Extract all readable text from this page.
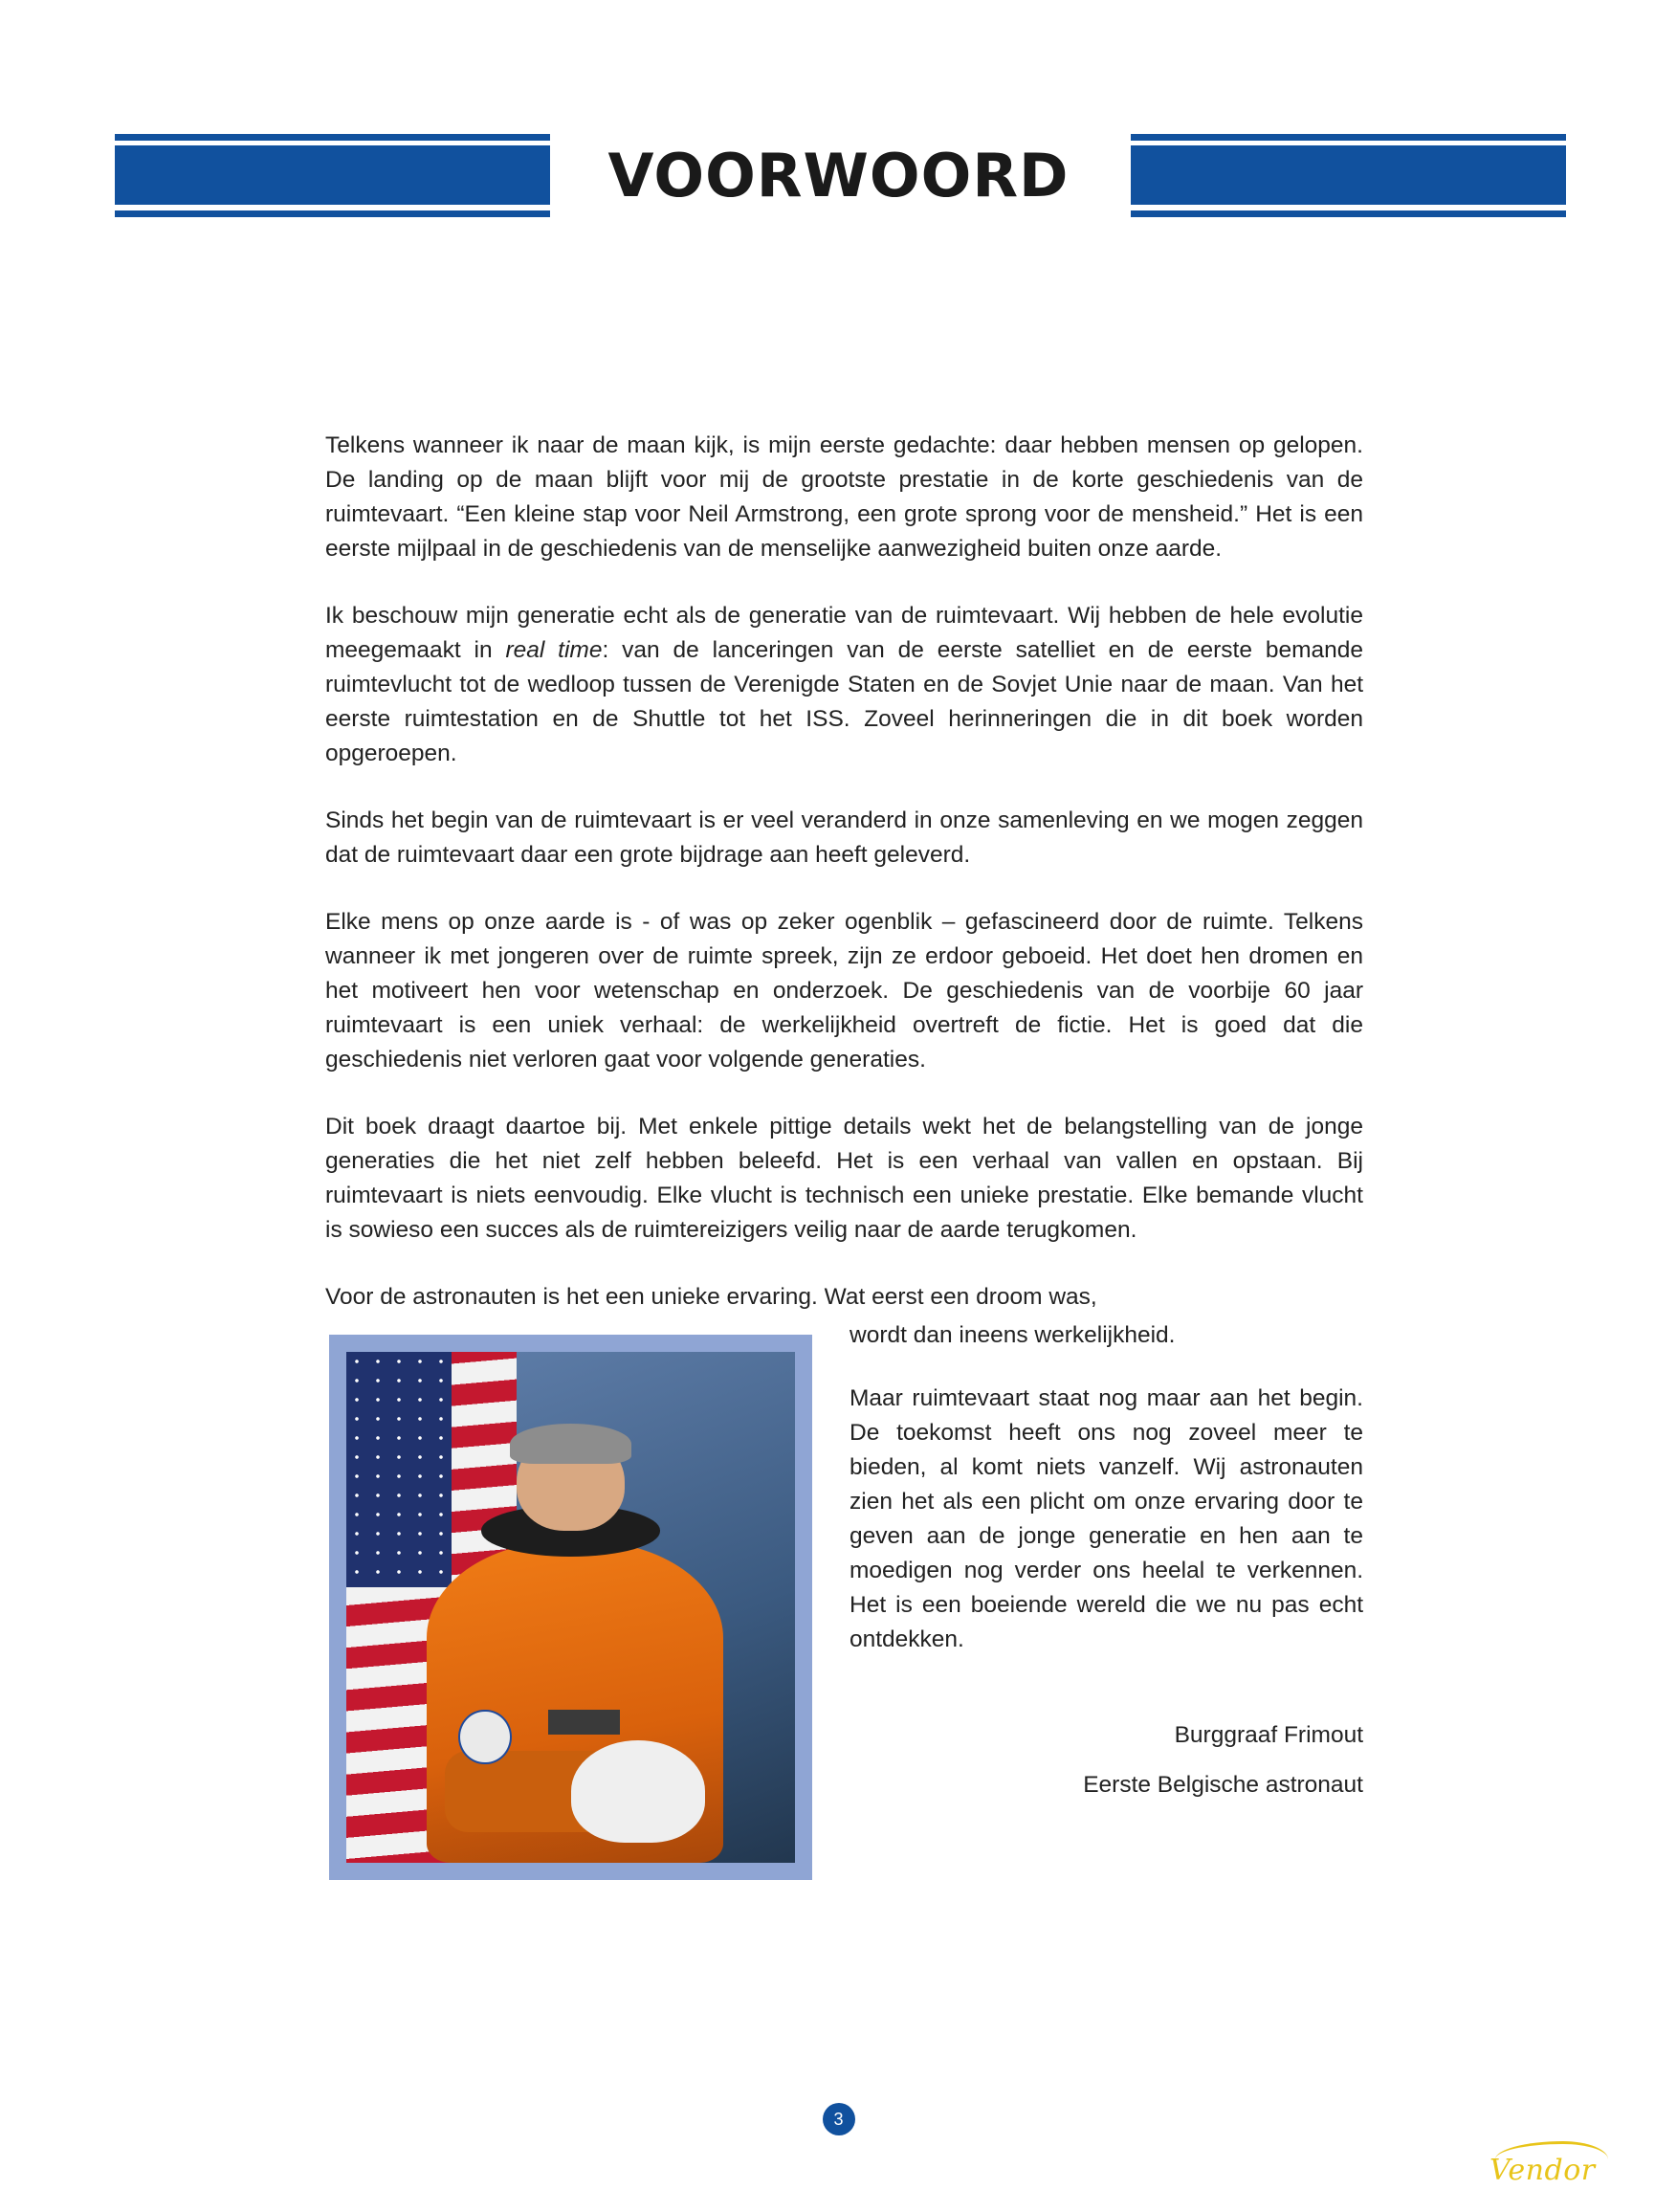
VOORWOORD

Telkens wanneer ik naar de maan kijk, is mijn eerste gedachte: daar hebben mensen op gelopen. De landing op de maan blijft voor mij de grootste prestatie in de korte geschiedenis van de ruimtevaart. “Een kleine stap voor Neil Armstrong, een grote sprong voor de mensheid.” Het is een eerste mijlpaal in de geschiedenis van de menselijke aanwezigheid buiten onze aarde.

Ik beschouw mijn generatie echt als de generatie van de ruimtevaart. Wij hebben de hele evolutie meegemaakt in real time: van de lanceringen van de eerste satelliet en de eerste bemande ruimtevlucht tot de wedloop tussen de Verenigde Staten en de Sovjet Unie naar de maan. Van het eerste ruimtestation en de Shuttle tot het ISS. Zoveel herinneringen die in dit boek worden opgeroepen.

Sinds het begin van de ruimtevaart is er veel veranderd in onze samenleving en we mogen zeggen dat de ruimtevaart daar een grote bijdrage aan heeft geleverd.

Elke mens op onze aarde is - of was op zeker ogenblik – gefascineerd door de ruimte. Telkens wanneer ik met jongeren over de ruimte spreek, zijn ze erdoor geboeid. Het doet hen dromen en het motiveert hen voor wetenschap en onderzoek. De geschiedenis van de voorbije 60 jaar ruimtevaart is een uniek verhaal: de werkelijkheid overtreft de fictie. Het is goed dat die geschiedenis niet verloren gaat voor volgende generaties.

Dit boek draagt daartoe bij. Met enkele pittige details wekt het de belangstelling van de jonge generaties die het niet zelf hebben beleefd. Het is een verhaal van vallen en opstaan. Bij ruimtevaart is niets eenvoudig. Elke vlucht is technisch een unieke prestatie. Elke bemande vlucht is sowieso een succes als de ruimtereizigers veilig naar de aarde terugkomen.

Voor de astronauten is het een unieke ervaring. Wat eerst een droom was,

wordt dan ineens werkelijkheid.

Maar ruimtevaart staat nog maar aan het begin. De toekomst heeft ons nog zoveel meer te bieden, al komt niets vanzelf. Wij astronauten zien het als een plicht om onze ervaring door te geven aan de jonge generatie en hen aan te moedigen nog verder ons heelal te verkennen. Het is een boeiende wereld die we nu pas echt ontdekken.

Burggraaf Frimout
Eerste Belgische astronaut
3
Vendor
